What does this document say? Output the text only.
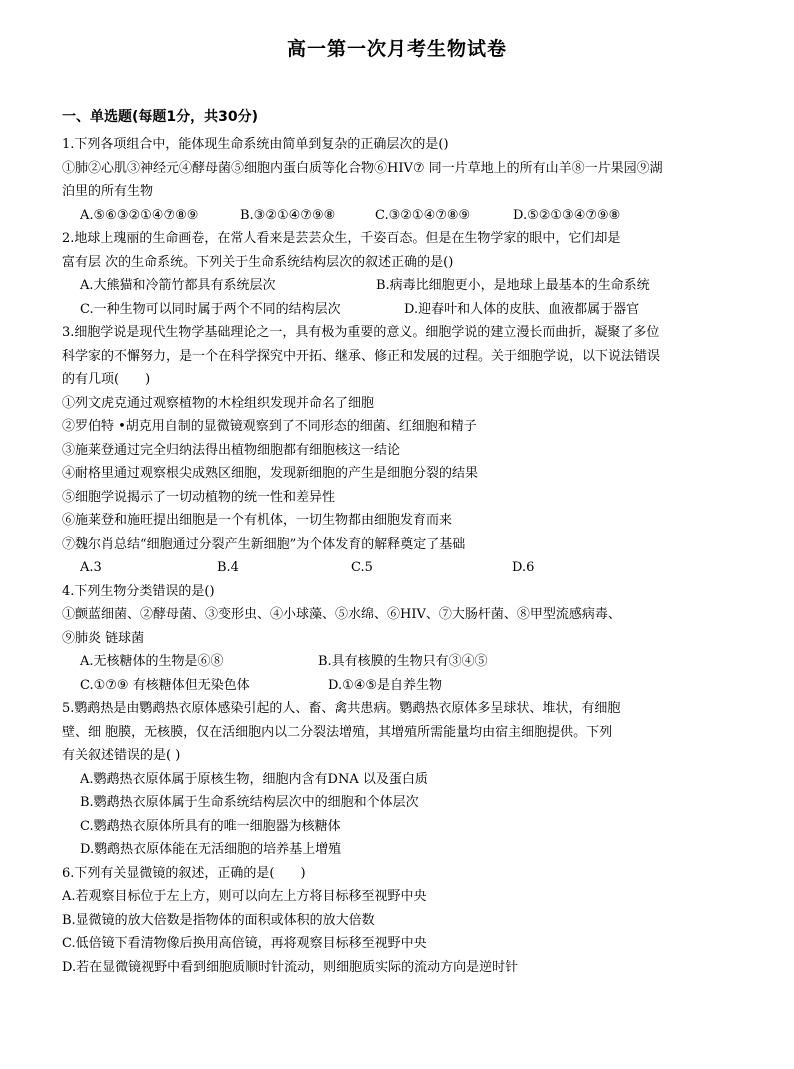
高一第一次月考生物试卷
一、单选题(每题1分，共30分)
1.下列各项组合中，能体现生命系统由简单到复杂的正确层次的是()
①肺②心肌③神经元④酵母菌⑤细胞内蛋白质等化合物⑥HIV⑦ 同一片草地上的所有山羊⑧一片果园⑨湖
泊里的所有生物
A.⑤⑥③②①④⑦⑧⑨	B.③②①④⑦⑨⑧	C.③②①④⑦⑧⑨	D.⑤②①③④⑦⑨⑧
2.地球上瑰丽的生命画卷，在常人看来是芸芸众生，千姿百态。但是在生物学家的眼中，它们却是
富有层 次的生命系统。下列关于生命系统结构层次的叙述正确的是()
A.大熊猫和冷箭竹都具有系统层次	B.病毒比细胞更小，是地球上最基本的生命系统
C.一种生物可以同时属于两个不同的结构层次	D.迎春叶和人体的皮肤、血液都属于器官
3.细胞学说是现代生物学基础理论之一，具有极为重要的意义。细胞学说的建立漫长而曲折，凝聚了多位
科学家的不懈努力，是一个在科学探究中开拓、继承、修正和发展的过程。关于细胞学说，以下说法错误
的有几项(　　)
①列文虎克通过观察植物的木栓组织发现并命名了细胞
②罗伯特 •胡克用自制的显微镜观察到了不同形态的细菌、红细胞和精子
③施莱登通过完全归纳法得出植物细胞都有细胞核这一结论
④耐格里通过观察根尖成熟区细胞，发现新细胞的产生是细胞分裂的结果
⑤细胞学说揭示了一切动植物的统一性和差异性
⑥施莱登和施旺提出细胞是一个有机体，一切生物都由细胞发育而来
⑦魏尔肖总结“细胞通过分裂产生新细胞”为个体发育的解释奠定了基础
A.3	B.4	C.5	D.6
4.下列生物分类错误的是()
①颤蓝细菌、②酵母菌、③变形虫、④小球藻、⑤水绵、⑥HIV、⑦大肠杆菌、⑧甲型流感病毒、
⑨肺炎 链球菌
A.无核糖体的生物是⑥⑧	B.具有核膜的生物只有③④⑤
C.①⑦⑨ 有核糖体但无染色体	D.①④⑤是自养生物
5.鹦鹉热是由鹦鹉热衣原体感染引起的人、畜、禽共患病。鹦鹉热衣原体多呈球状、堆状，有细胞
壁、细 胞膜，无核膜，仅在活细胞内以二分裂法增殖，其增殖所需能量均由宿主细胞提供。下列
有关叙述错误的是( )
A.鹦鹉热衣原体属于原核生物，细胞内含有DNA 以及蛋白质
B.鹦鹉热衣原体属于生命系统结构层次中的细胞和个体层次
C.鹦鹉热衣原体所具有的唯一细胞器为核糖体
D.鹦鹉热衣原体能在无活细胞的培养基上增殖
6.下列有关显微镜的叙述，正确的是(　　)
A.若观察目标位于左上方，则可以向左上方将目标移至视野中央
B.显微镜的放大倍数是指物体的面积或体积的放大倍数
C.低倍镜下看清物像后换用高倍镜，再将观察目标移至视野中央
D.若在显微镜视野中看到细胞质顺时针流动，则细胞质实际的流动方向是逆时针
